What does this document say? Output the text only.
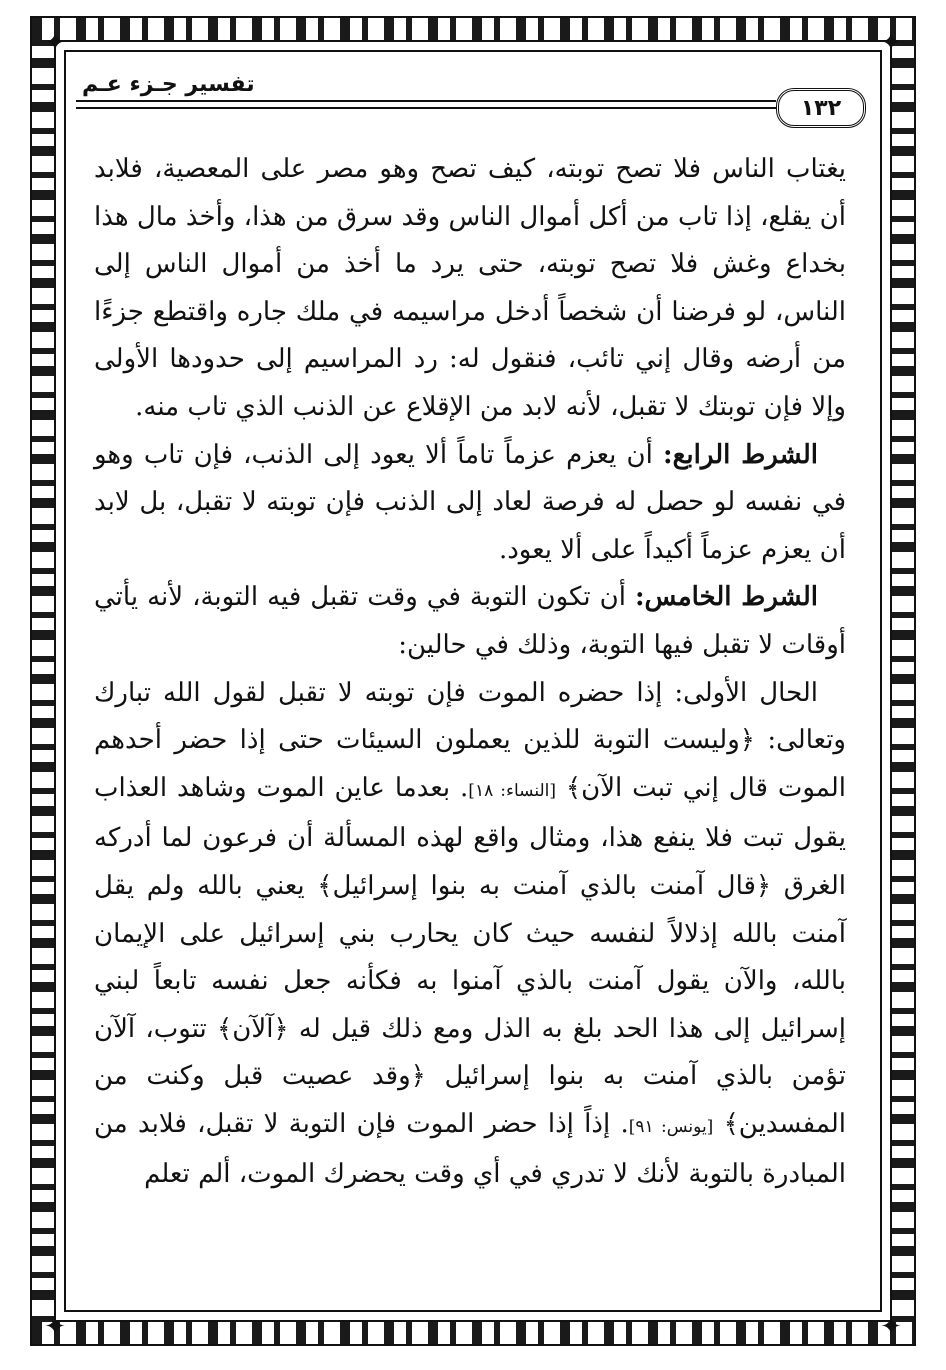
✦	✦
✦	✦
تفسير جـزء عـم
١٣٢

يغتاب الناس فلا تصح توبته، كيف تصح وهو مصر على المعصية، فلابد أن يقلع، إذا تاب من أكل أموال الناس وقد سرق من هذا، وأخذ مال هذا بخداع وغش فلا تصح توبته، حتى يرد ما أخذ من أموال الناس إلى الناس، لو فرضنا أن شخصاً أدخل مراسيمه في ملك جاره واقتطع جزءًا من أرضه وقال إني تائب، فنقول له: رد المراسيم إلى حدودها الأولى وإلا فإن توبتك لا تقبل، لأنه لابد من الإقلاع عن الذنب الذي تاب منه.

الشرط الرابع: أن يعزم عزماً تاماً ألا يعود إلى الذنب، فإن تاب وهو في نفسه لو حصل له فرصة لعاد إلى الذنب فإن توبته لا تقبل، بل لابد أن يعزم عزماً أكيداً على ألا يعود.

الشرط الخامس: أن تكون التوبة في وقت تقبل فيه التوبة، لأنه يأتي أوقات لا تقبل فيها التوبة، وذلك في حالين:

الحال الأولى: إذا حضره الموت فإن توبته لا تقبل لقول الله تبارك وتعالى: ﴿وليست التوبة للذين يعملون السيئات حتى إذا حضر أحدهم الموت قال إني تبت الآن﴾ [النساء: ١٨]. بعدما عاين الموت وشاهد العذاب يقول تبت فلا ينفع هذا، ومثال واقع لهذه المسألة أن فرعون لما أدركه الغرق ﴿قال آمنت بالذي آمنت به بنوا إسرائيل﴾ يعني بالله ولم يقل آمنت بالله إذلالاً لنفسه حيث كان يحارب بني إسرائيل على الإيمان بالله، والآن يقول آمنت بالذي آمنوا به فكأنه جعل نفسه تابعاً لبني إسرائيل إلى هذا الحد بلغ به الذل ومع ذلك قيل له ﴿آلآن﴾ تتوب، آلآن تؤمن بالذي آمنت به بنوا إسرائيل ﴿وقد عصيت قبل وكنت من المفسدين﴾ [يونس: ٩١]. إذاً إذا حضر الموت فإن التوبة لا تقبل، فلابد من المبادرة بالتوبة لأنك لا تدري في أي وقت يحضرك الموت، ألم تعلم
